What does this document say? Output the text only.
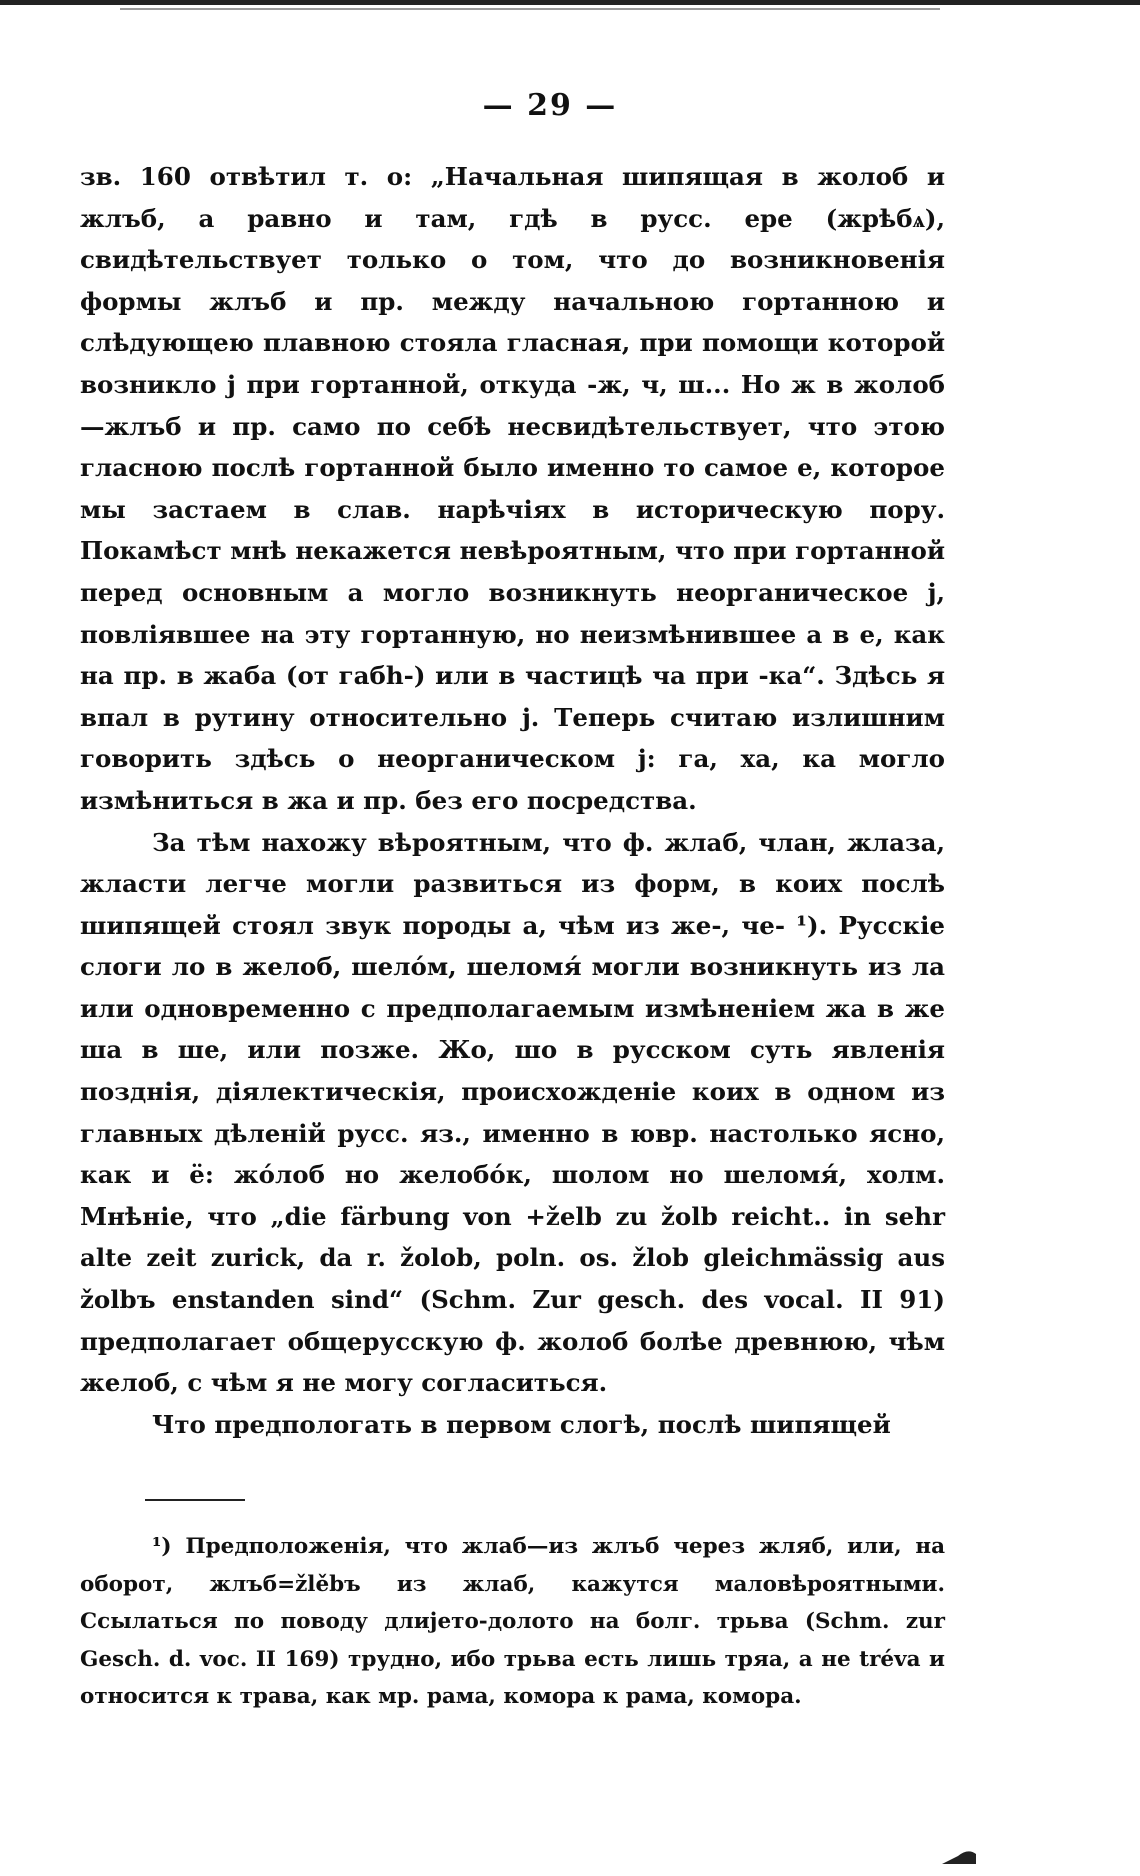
— 29 —

зв. 160 отвѣтил т. о: „Начальная шипящая в жолоб и жлъб, а равно и там, гдѣ в русс. ере (жрѣбѧ), свидѣтельствует только о том, что до возникновенія формы жлъб и пр. между начальною гортанною и слѣдующею плавною стояла гласная, при помощи которой возникло j при гортанной, откуда -ж, ч, ш... Но ж в жолоб—жлъб и пр. само по себѣ несвидѣтельствует, что этою гласною послѣ гортанной было именно то самое е, которое мы застаем в слав. нарѣчіях в историческую пору. Покамѣст мнѣ некажется невѣроятным, что при гортанной перед основным а могло возникнуть неорганическое j, повліявшее на эту гортанную, но неизмѣнившее а в е, как на пр. в жаба (от габh-) или в частицѣ ча при -ка“. Здѣсь я впал в рутину относительно j. Теперь считаю излишним говорить здѣсь о неорганическом j: га, ха, ка могло измѣниться в жа и пр. без его посредства.

За тѣм нахожу вѣроятным, что ф. жлаб, члан, жлаза, жласти легче могли развиться из форм, в коих послѣ шипящей стоял звук породы а, чѣм из же-, че- ¹). Русскіе слоги ло в желоб, шелóм, шеломя́ могли возникнуть из ла или одновременно с предполагаемым измѣненіем жа в же ша в ше, или позже. Жо, шо в русском суть явленія позднія, діялектическія, происхожденіе коих в одном из главных дѣленій русс. яз., именно в ювр. настолько ясно, как и ё: жóлоб но желобóк, шолом но шеломя́, холм. Мнѣніе, что „die färbung von +želb zu žolb reicht.. in sehr alte zeit zurick, da r. žolob, poln. os. žlob gleichmässig aus žolbъ enstanden sind“ (Schm. Zur gesch. des vocal. II 91) предполагает общерусскую ф. жолоб болѣе древнюю, чѣм желоб, с чѣм я не могу согласиться.

Что предпологать в первом слогѣ, послѣ шипящей

¹) Предположенія, что жлаб—из жлъб через жляб, или, на оборот, жлъб=žlěbъ из жлаб, кажутся маловѣроятными. Ссылаться по поводу длијето-долото на болг. трьва (Schm. zur Gesch. d. voc. II 169) трудно, ибо трьва есть лишь тряа, а не tréva и относится к трава, как мр. рама, комора к рама, комора.
